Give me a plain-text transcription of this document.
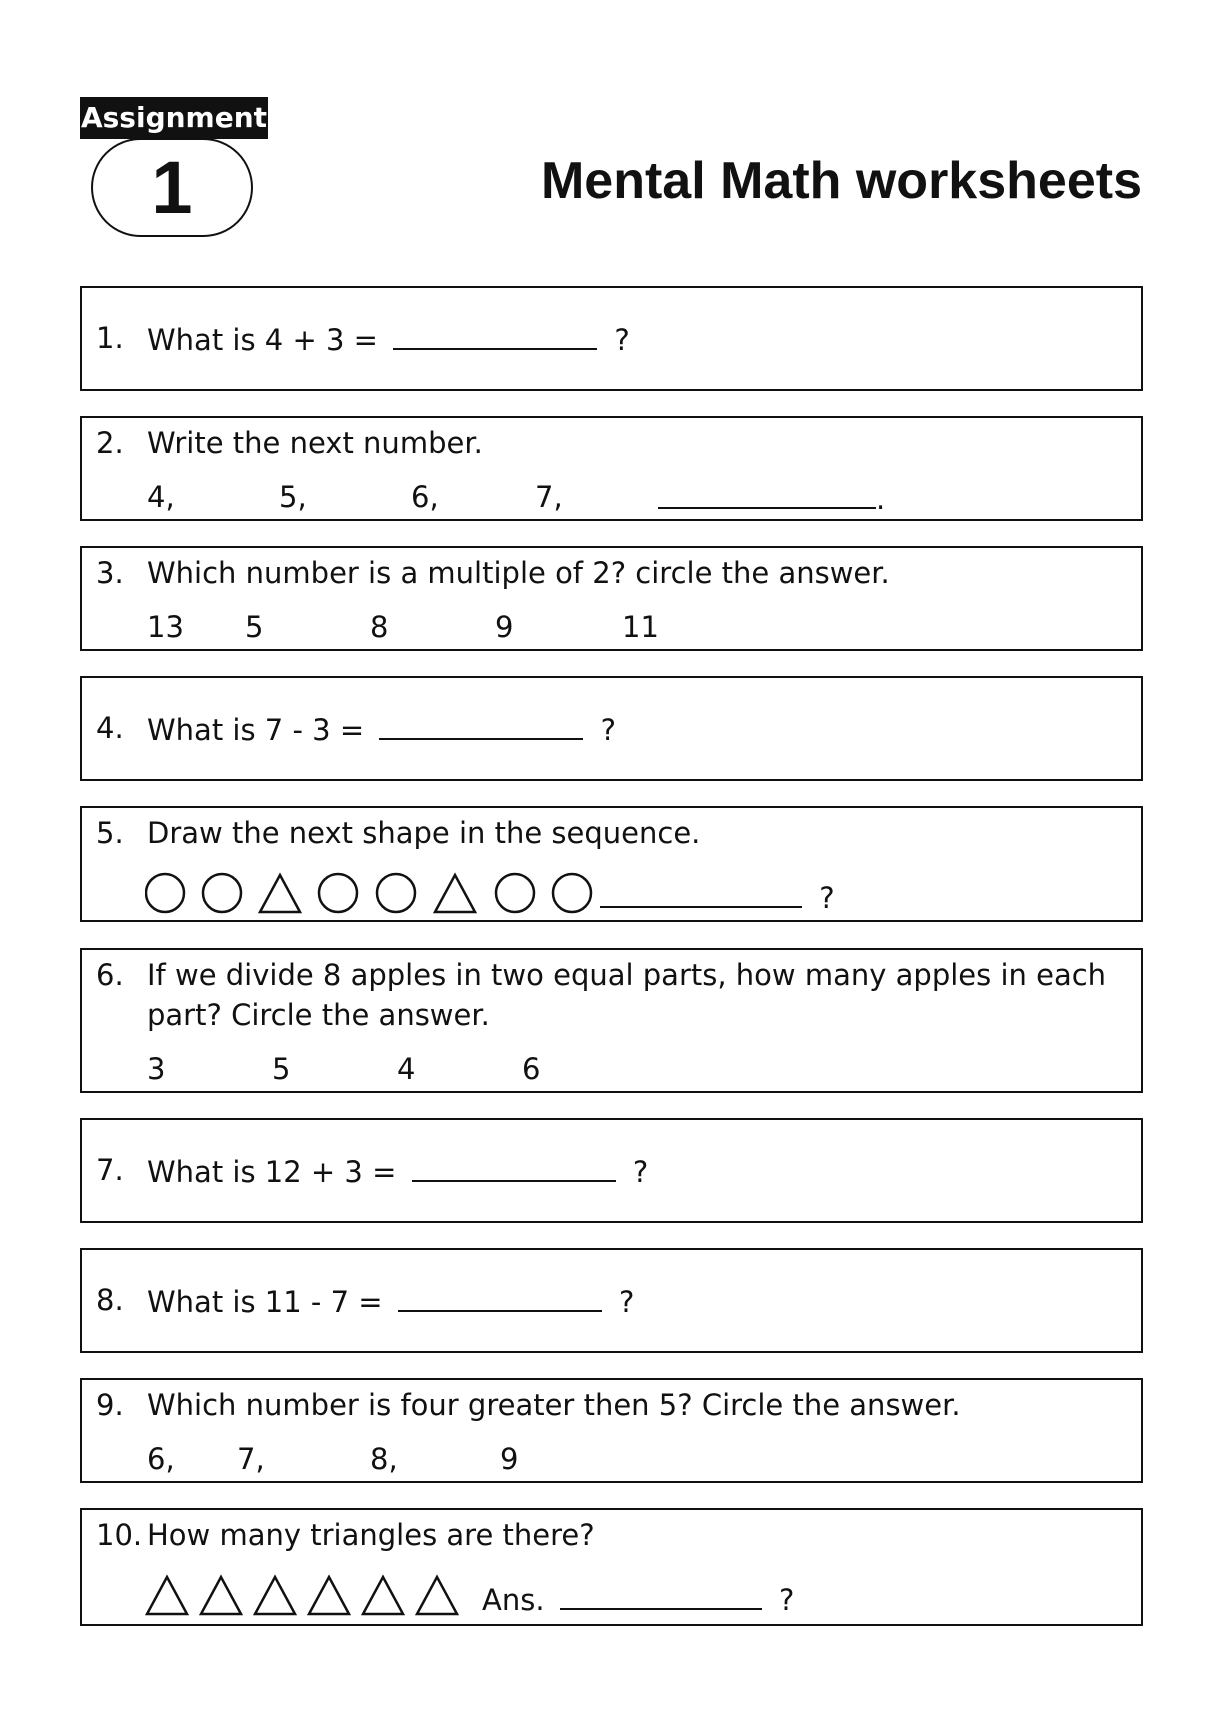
Assignment
1	Mental Math worksheets
1. What is 4 + 3 =	?
2. Write the next number.
4,	5,	6,	7,	.
3. Which number is a multiple of 2? circle the answer.
13 5	8	9	11
4. What is 7 - 3 =	?
5. Draw the next shape in the sequence.
?
6. If we divide 8 apples in two equal parts, how many apples in each
part? Circle the answer.
3	5	4	6
7. What is 12 + 3 =	?
8. What is 11 - 7 =	?
9. Which number is four greater then 5? Circle the answer.
6, 7,	8,	9
10. How many triangles are there?
Ans.	?
